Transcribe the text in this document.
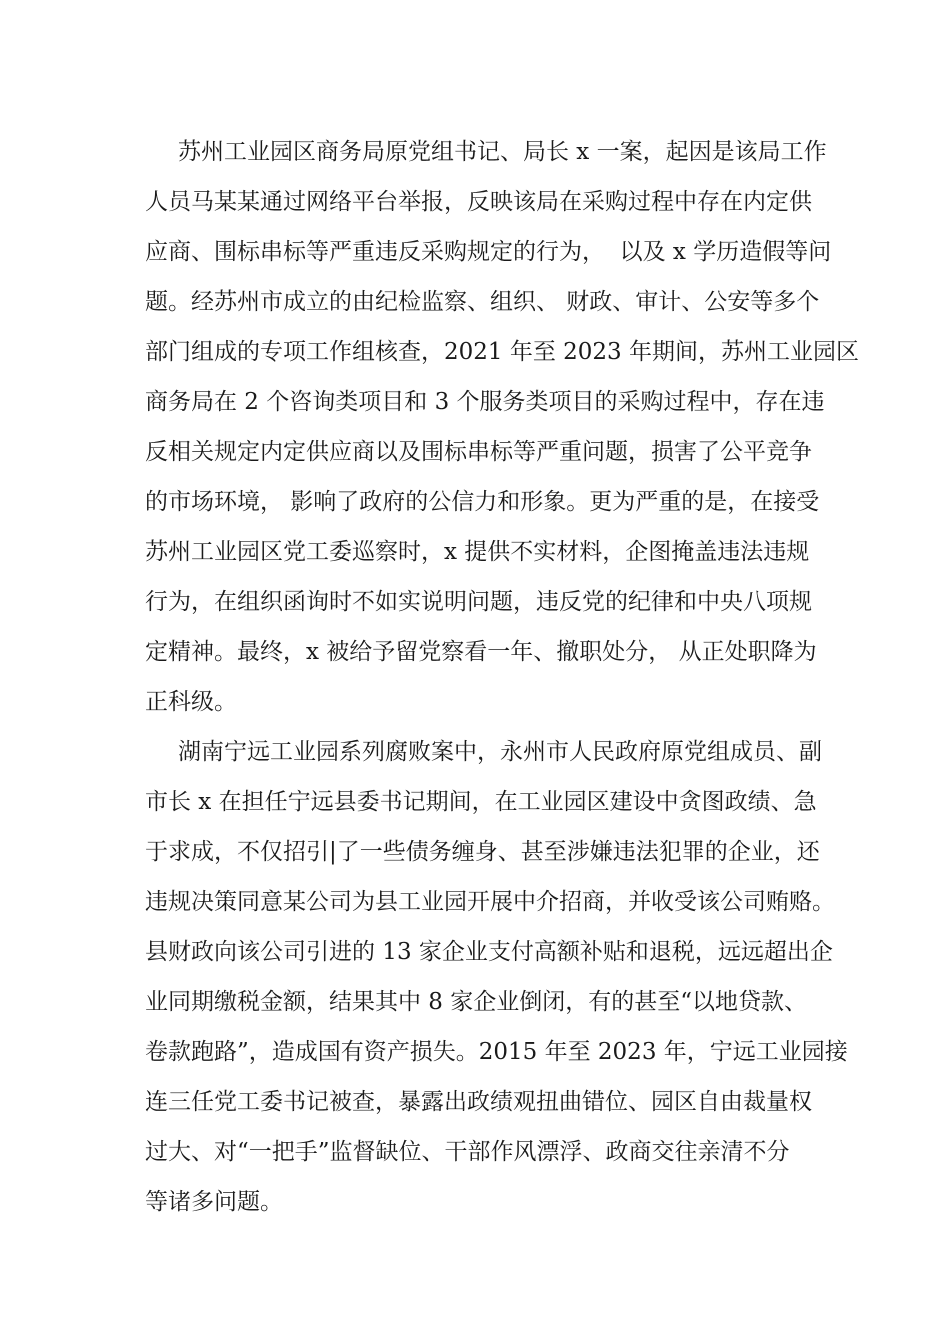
苏州工业园区商务局原党组书记、局长 x 一案，起因是该局工作
人员马某某通过网络平台举报，反映该局在采购过程中存在内定供
应商、围标串标等严重违反采购规定的行为，  以及 x 学历造假等问
题。经苏州市成立的由纪检监察、组织、 财政、审计、公安等多个
部门组成的专项工作组核查，2021 年至 2023 年期间，苏州工业园区
商务局在 2 个咨询类项目和 3 个服务类项目的采购过程中，存在违
反相关规定内定供应商以及围标串标等严重问题，损害了公平竞争
的市场环境， 影响了政府的公信力和形象。更为严重的是，在接受
苏州工业园区党工委巡察时，x 提供不实材料，企图掩盖违法违规
行为，在组织函询时不如实说明问题，违反党的纪律和中央八项规
定精神。最终，x 被给予留党察看一年、撤职处分， 从正处职降为
正科级。
湖南宁远工业园系列腐败案中，永州市人民政府原党组成员、副
市长 x 在担任宁远县委书记期间，在工业园区建设中贪图政绩、急
于求成，不仅招引|了一些债务缠身、甚至涉嫌违法犯罪的企业，还
违规决策同意某公司为县工业园开展中介招商，并收受该公司贿赂。
县财政向该公司引进的 13 家企业支付高额补贴和退税，远远超出企
业同期缴税金额，结果其中 8 家企业倒闭，有的甚至“以地贷款、
卷款跑路”，造成国有资产损失。2015 年至 2023 年，宁远工业园接
连三任党工委书记被查，暴露出政绩观扭曲错位、园区自由裁量权
过大、对“一把手”监督缺位、干部作风漂浮、政商交往亲清不分
等诸多问题。
